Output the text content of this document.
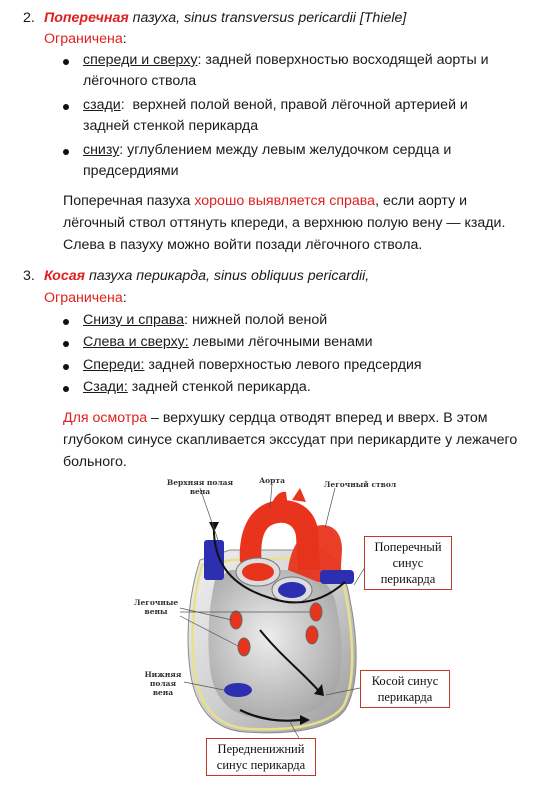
2. Поперечная пазуха, sinus transversus pericardii [Thiele]
Ограничена:
спереди и сверху: задней поверхностью восходящей аорты и
лёгочного ствола
сзади:  верхней полой веной, правой лёгочной артерией и
задней стенкой перикарда
снизу: углублением между левым желудочком сердца и
предсердиями
Поперечная пазуха хорошо выявляется справа, если аорту и
лёгочный ствол оттянуть кпереди, а верхнюю полую вену — кзади.
Слева в пазуху можно войти позади лёгочного ствола.
3. Косая пазуха перикарда, sinus obliquus pericardii,
Ограничена:
Снизу и справа: нижней полой веной
Слева и сверху: левыми лёгочными венами
Спереди: задней поверхностью левого предсердия
Сзади: задней стенкой перикарда.
Для осмотра – верхушку сердца отводят вперед и вверх. В этом
глубоком синусе скапливается экссудат при перикардите у лежачего
больного.
Верхняя полая
вена
Аорта	Легочный ствол
Легочные
вены
Нижняя
полая
вена
Поперечный
синус
перикарда
Косой синус
перикарда
Передненижний
синус перикарда
